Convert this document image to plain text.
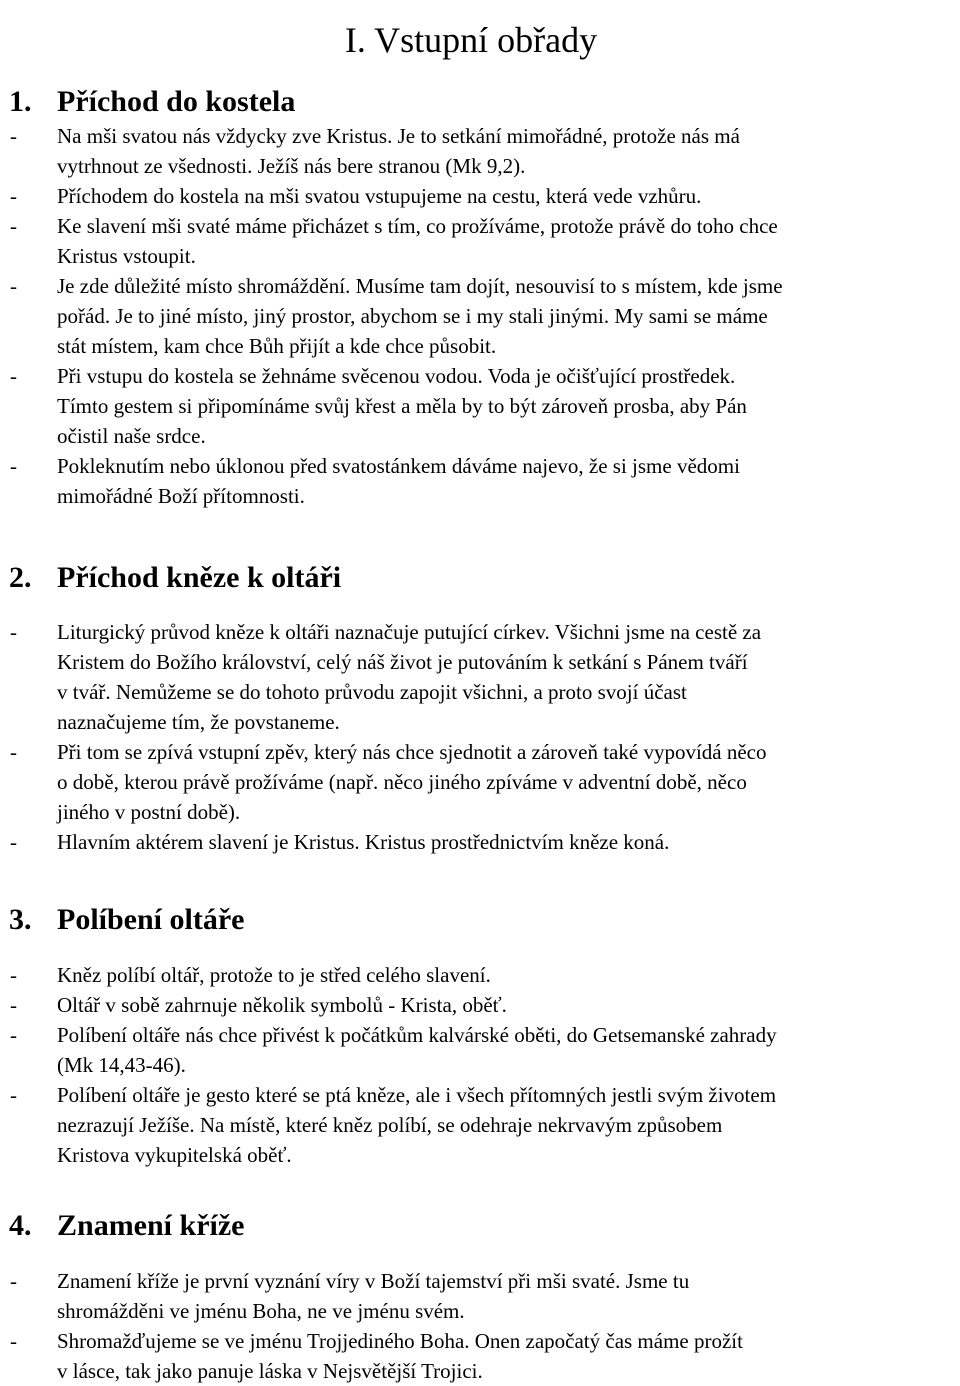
I. Vstupní obřady
1. Příchod do kostela
- Na mši svatou nás vždycky zve Kristus. Je to setkání mimořádné, protože nás má
vytrhnout ze všednosti. Ježíš nás bere stranou (Mk 9,2).
- Příchodem do kostela na mši svatou vstupujeme na cestu, která vede vzhůru.
- Ke slavení mši svaté máme přicházet s tím, co prožíváme, protože právě do toho chce
Kristus vstoupit.
- Je zde důležité místo shromáždění. Musíme tam dojít, nesouvisí to s místem, kde jsme
pořád. Je to jiné místo, jiný prostor, abychom se i my stali jinými. My sami se máme
stát místem, kam chce Bůh přijít a kde chce působit.
- Při vstupu do kostela se žehnáme svěcenou vodou. Voda je očišťující prostředek.
Tímto gestem si připomínáme svůj křest a měla by to být zároveň prosba, aby Pán
očistil naše srdce.
- Pokleknutím nebo úklonou před svatostánkem dáváme najevo, že si jsme vědomi
mimořádné Boží přítomnosti.
2. Příchod kněze k oltáři
- Liturgický průvod kněze k oltáři naznačuje putující církev. Všichni jsme na cestě za
Kristem do Božího království, celý náš život je putováním k setkání s Pánem tváří
v tvář. Nemůžeme se do tohoto průvodu zapojit všichni, a proto svojí účast
naznačujeme tím, že povstaneme.
- Při tom se zpívá vstupní zpěv, který nás chce sjednotit a zároveň také vypovídá něco
o době, kterou právě prožíváme (např. něco jiného zpíváme v adventní době, něco
jiného v postní době).
- Hlavním aktérem slavení je Kristus. Kristus prostřednictvím kněze koná.
3. Políbení oltáře
- Kněz políbí oltář, protože to je střed celého slavení.
- Oltář v sobě zahrnuje několik symbolů - Krista, oběť.
- Políbení oltáře nás chce přivést k počátkům kalvárské oběti, do Getsemanské zahrady
(Mk 14,43-46).
- Políbení oltáře je gesto které se ptá kněze, ale i všech přítomných jestli svým životem
nezrazují Ježíše. Na místě, které kněz políbí, se odehraje nekrvavým způsobem
Kristova vykupitelská oběť.
4. Znamení kříže
- Znamení kříže je první vyznání víry v Boží tajemství při mši svaté. Jsme tu
shromážděni ve jménu Boha, ne ve jménu svém.
- Shromažďujeme se ve jménu Trojjediného Boha. Onen započatý čas máme prožít
v lásce, tak jako panuje láska v Nejsvětější Trojici.
